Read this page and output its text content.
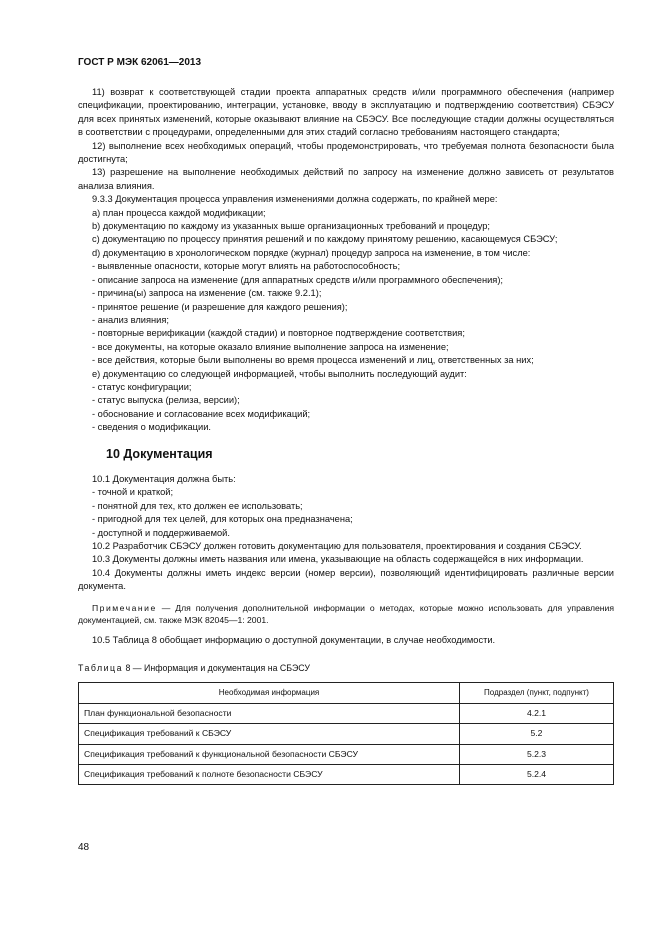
ГОСТ Р МЭК 62061—2013

11) возврат к соответствующей стадии проекта аппаратных средств и/или программного обеспечения (например спецификации, проектированию, интеграции, установке, вводу в эксплуатацию и подтверждению соответствия) СБЭСУ для всех принятых изменений, которые оказывают влияние на СБЭСУ. Все последующие стадии должны осуществляться в соответствии с процедурами, определенными для этих стадий согласно требованиям настоящего стандарта;

12) выполнение всех необходимых операций, чтобы продемонстрировать, что требуемая полнота безопасности была достигнута;

13) разрешение на выполнение необходимых действий по запросу на изменение должно зависеть от результатов анализа влияния.

9.3.3 Документация процесса управления изменениями должна содержать, по крайней мере:

a) план процесса каждой модификации;

b) документацию по каждому из указанных выше организационных требований и процедур;

c) документацию по процессу принятия решений и по каждому принятому решению, касающемуся СБЭСУ;

d) документацию в хронологическом порядке (журнал) процедур запроса на изменение, в том числе:

- выявленные опасности, которые могут влиять на работоспособность;

- описание запроса на изменение (для аппаратных средств и/или программного обеспечения);

- причина(ы) запроса на изменение (см. также 9.2.1);

- принятое решение (и разрешение для каждого решения);

- анализ влияния;

- повторные верификации (каждой стадии) и повторное подтверждение соответствия;

- все документы, на которые оказало влияние выполнение запроса на изменение;

- все действия, которые были выполнены во время процесса изменений и лиц, ответственных за них;

e) документацию со следующей информацией, чтобы выполнить последующий аудит:

- статус конфигурации;

- статус выпуска (релиза, версии);

- обоснование и согласование всех модификаций;

- сведения о модификации.

10 Документация

10.1 Документация должна быть:

- точной и краткой;

- понятной для тех, кто должен ее использовать;

- пригодной для тех целей, для которых она предназначена;

- доступной и поддерживаемой.

10.2 Разработчик СБЭСУ должен готовить документацию для пользователя, проектирования и создания СБЭСУ.

10.3 Документы должны иметь названия или имена, указывающие на область содержащейся в них информации.

10.4 Документы должны иметь индекс версии (номер версии), позволяющий идентифицировать различные версии документа.

Примечание — Для получения дополнительной информации о методах, которые можно использовать для управления документацией, см. также МЭК 82045—1: 2001.

10.5 Таблица 8 обобщает информацию о доступной документации, в случае необходимости.

Таблица 8 — Информация и документация на СБЭСУ
Необходимая информация	Подраздел (пункт, подпункт)
План функциональной безопасности	4.2.1
Спецификация требований к СБЭСУ	5.2
Спецификация требований к функциональной безопасности СБЭСУ	5.2.3
Спецификация требований к полноте безопасности СБЭСУ	5.2.4
48
